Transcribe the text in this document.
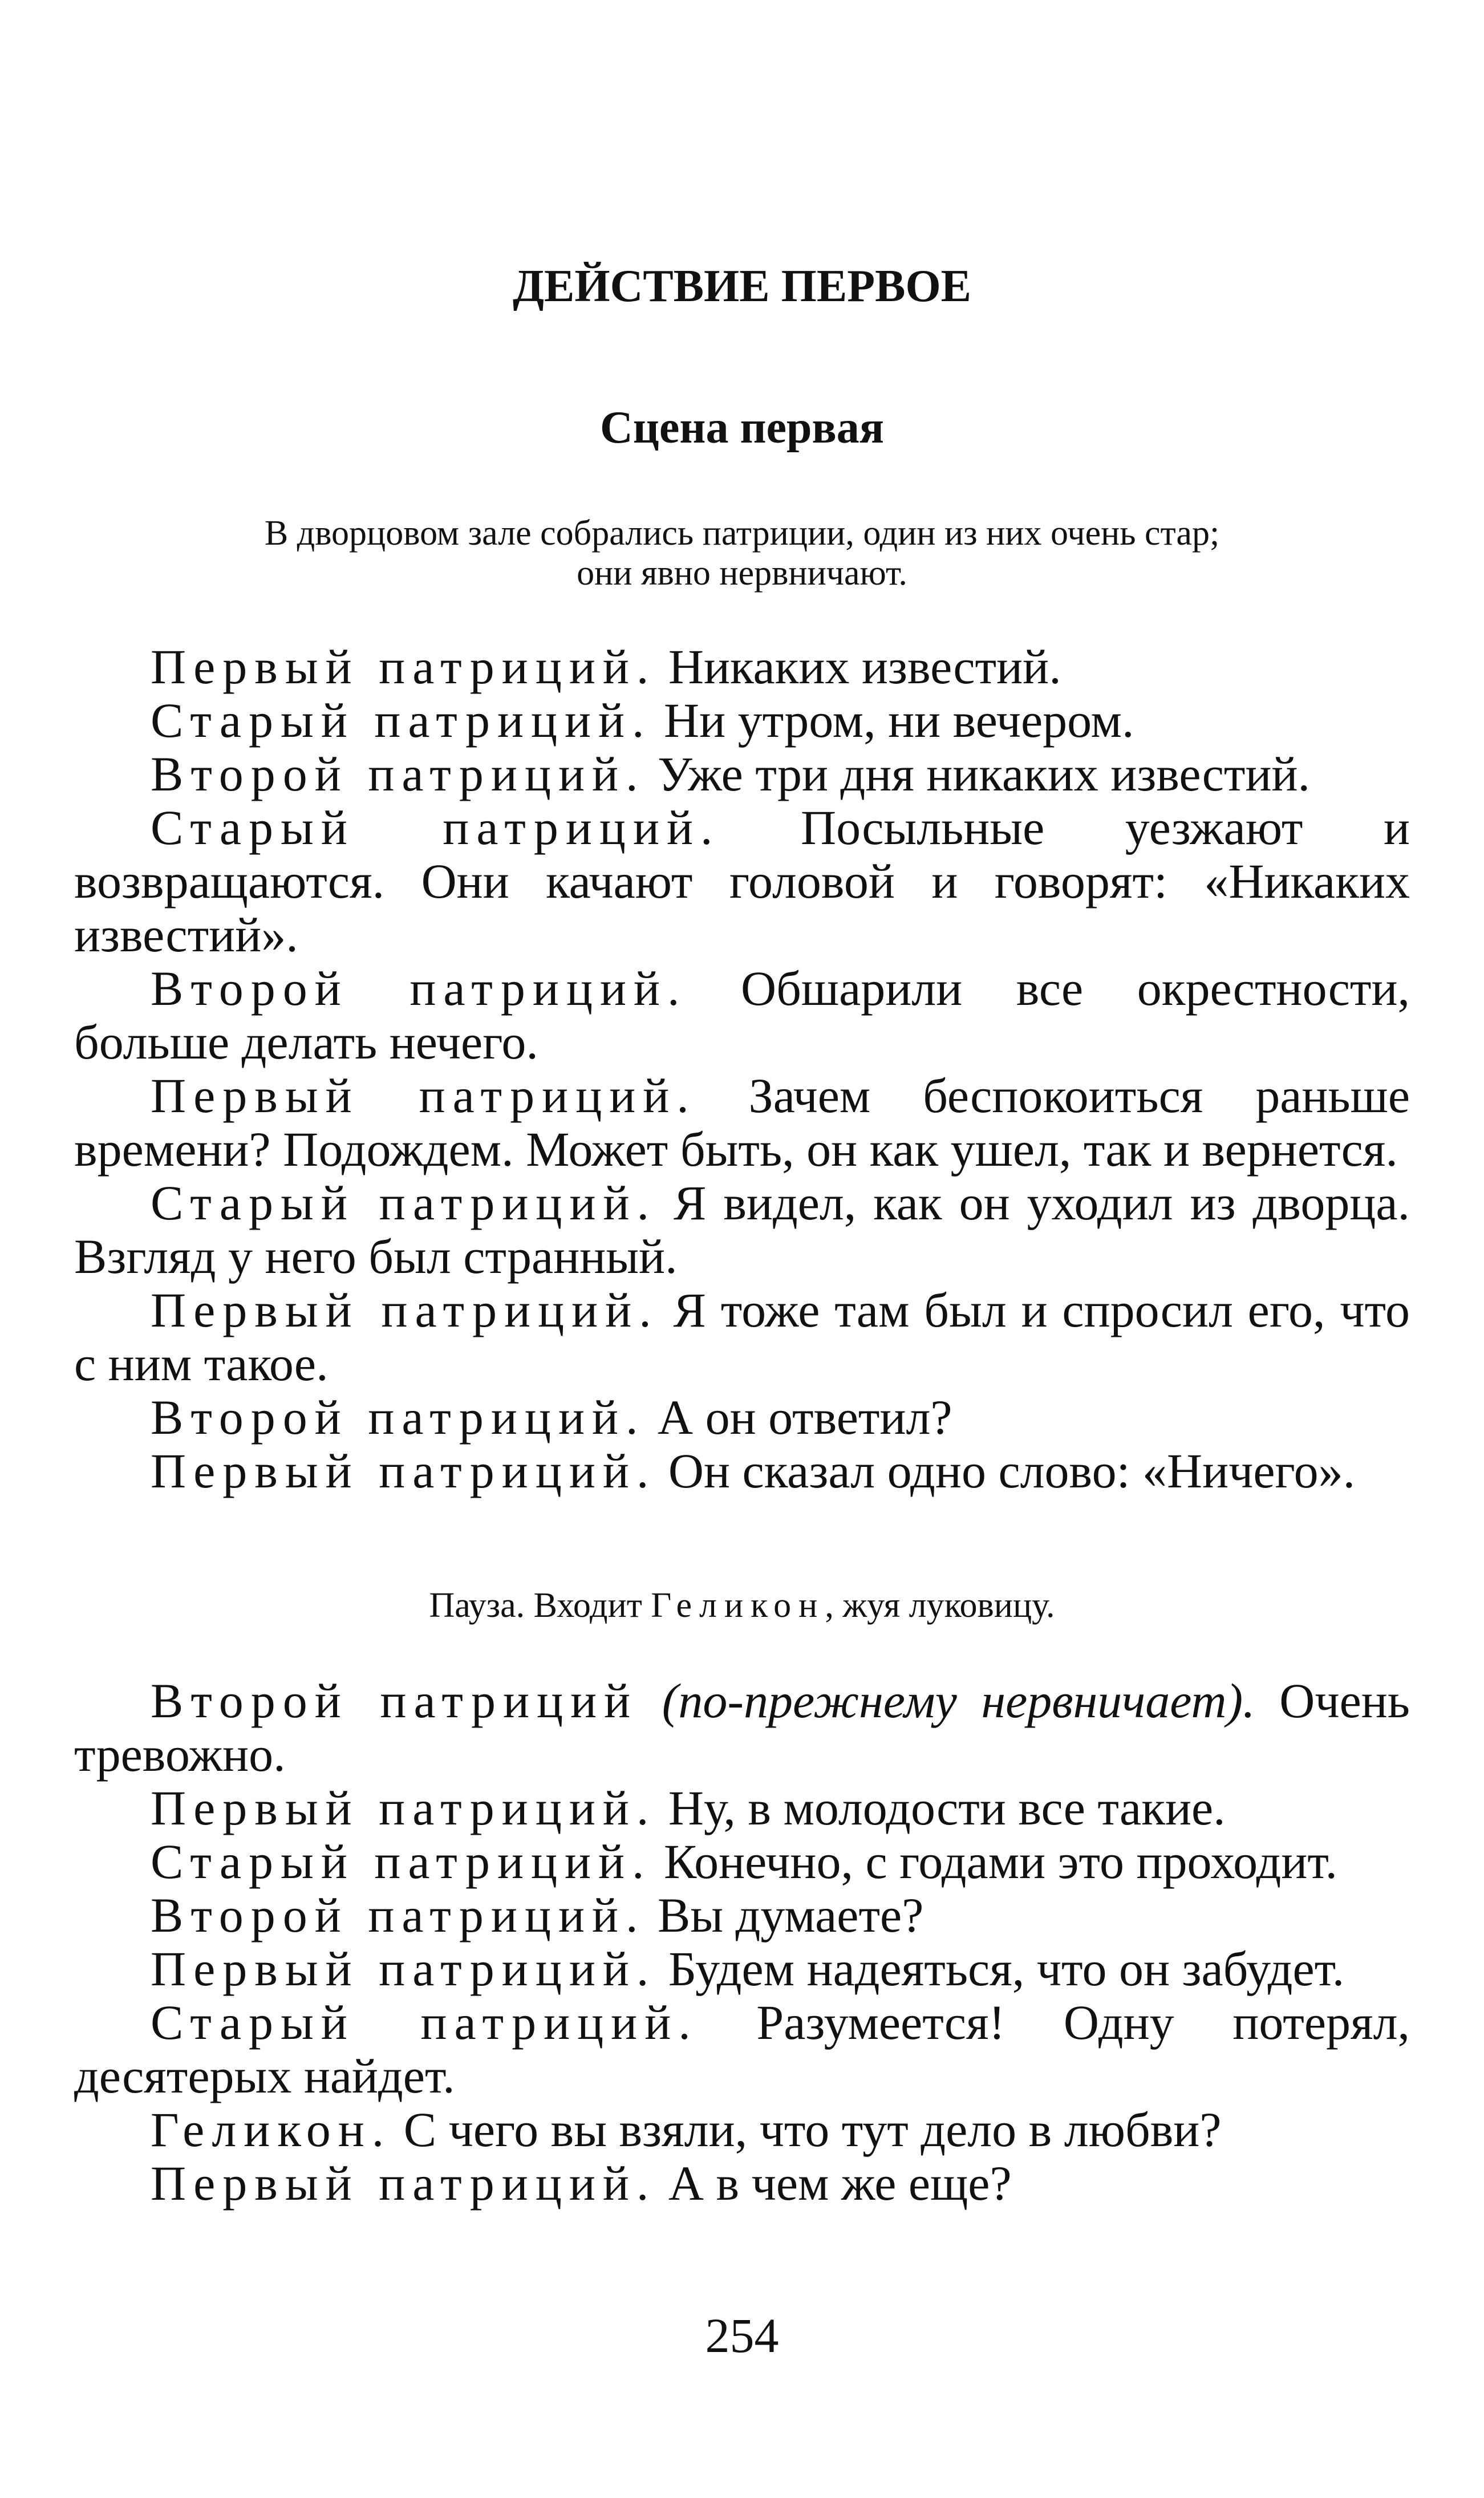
ДЕЙСТВИЕ ПЕРВОЕ
Сцена первая

В дворцовом зале собрались патриции, один из них очень стар;
они явно нервничают.

Первый патриций. Никаких известий.

Старый патриций. Ни утром, ни вечером.

Второй патриций. Уже три дня никаких известий.

Старый патриций. Посыльные уезжают и возвращаются. Они качают головой и говорят: «Никаких известий».

Второй патриций. Обшарили все окрестности, больше делать нечего.

Первый патриций. Зачем беспокоиться раньше времени? Подождем. Может быть, он как ушел, так и вернется.

Старый патриций. Я видел, как он уходил из дворца. Взгляд у него был странный.

Первый патриций. Я тоже там был и спросил его, что с ним такое.

Второй патриций. А он ответил?

Первый патриций. Он сказал одно слово: «Ничего».

Пауза. Входит Геликон, жуя луковицу.

Второй патриций (по-прежнему нервничает). Очень тревожно.

Первый патриций. Ну, в молодости все такие.

Старый патриций. Конечно, с годами это проходит.

Второй патриций. Вы думаете?

Первый патриций. Будем надеяться, что он забудет.

Старый патриций. Разумеется! Одну потерял, десятерых найдет.

Геликон. С чего вы взяли, что тут дело в любви?

Первый патриций. А в чем же еще?

254
